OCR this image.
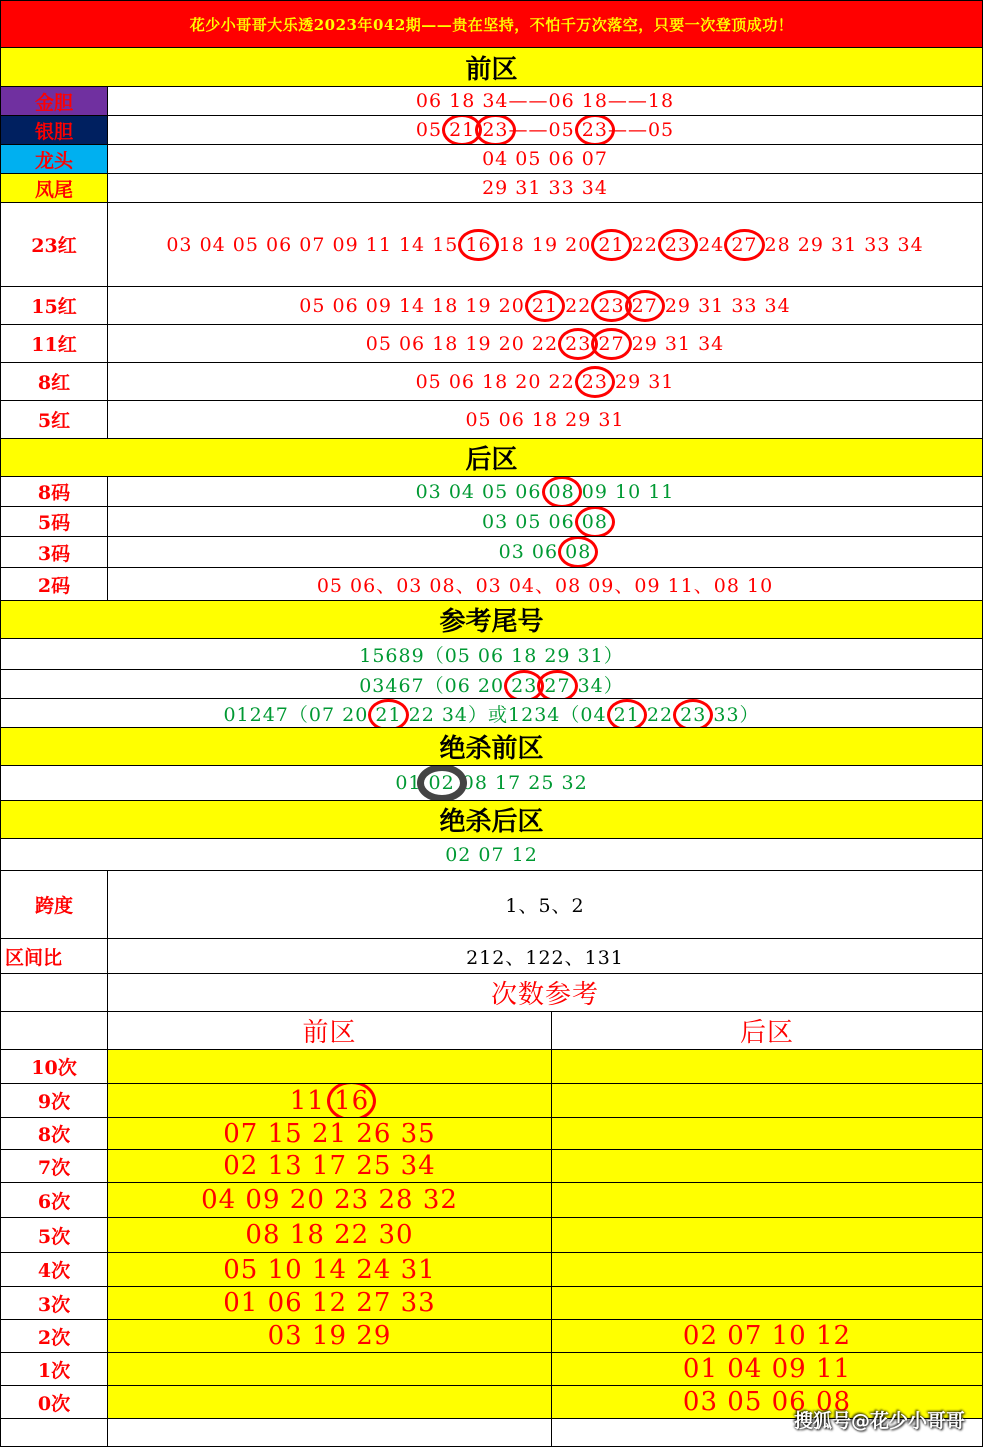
花少小哥哥大乐透2023年042期——贵在坚持，不怕千万次落空，只要一次登顶成功！		
前区		
金胆	06 18 34——06 18——18	
银胆	05 21 23——05 23——05	
龙头	04 05 06 07	
凤尾	29 31 33 34	
23红	03 04 05 06 07 09 11 14 15 16 18 19 20 21 22 23 24 27 28 29 31 33 34	
15红	05 06 09 14 18 19 20 21 22 23 27 29 31 33 34	
11红	05 06 18 19 20 22 23 27 29 31 34	
8红	05 06 18 20 22 23 29 31	
5红	05 06 18 29 31	
后区		
8码	03 04 05 06 08 09 10 11	
5码	03 05 06 08	
3码	03 06 08	
2码	05 06、03 08、03 04、08 09、09 11、08 10	
参考尾号		
15689（05 06 18 29 31）		
03467（06 20 23 27 34）		
01247（07 20 21 22 34）或1234（04 21 22 23 33）		
绝杀前区		
01 02 08 17 25 32		
绝杀后区		
02 07 12		
跨度	1、5、2	
区间比	212、122、131	
	次数参考	
	前区	后区
10次		
9次	11 16	
8次	07 15 21 26 35	
7次	02 13 17 25 34	
6次	04 09 20 23 28 32	
5次	08 18 22 30	
4次	05 10 14 24 31	
3次	01 06 12 27 33	
2次	03 19 29	02 07 10 12
1次		01 04 09 11
0次		03 05 06 08

搜狐号@花少小哥哥
